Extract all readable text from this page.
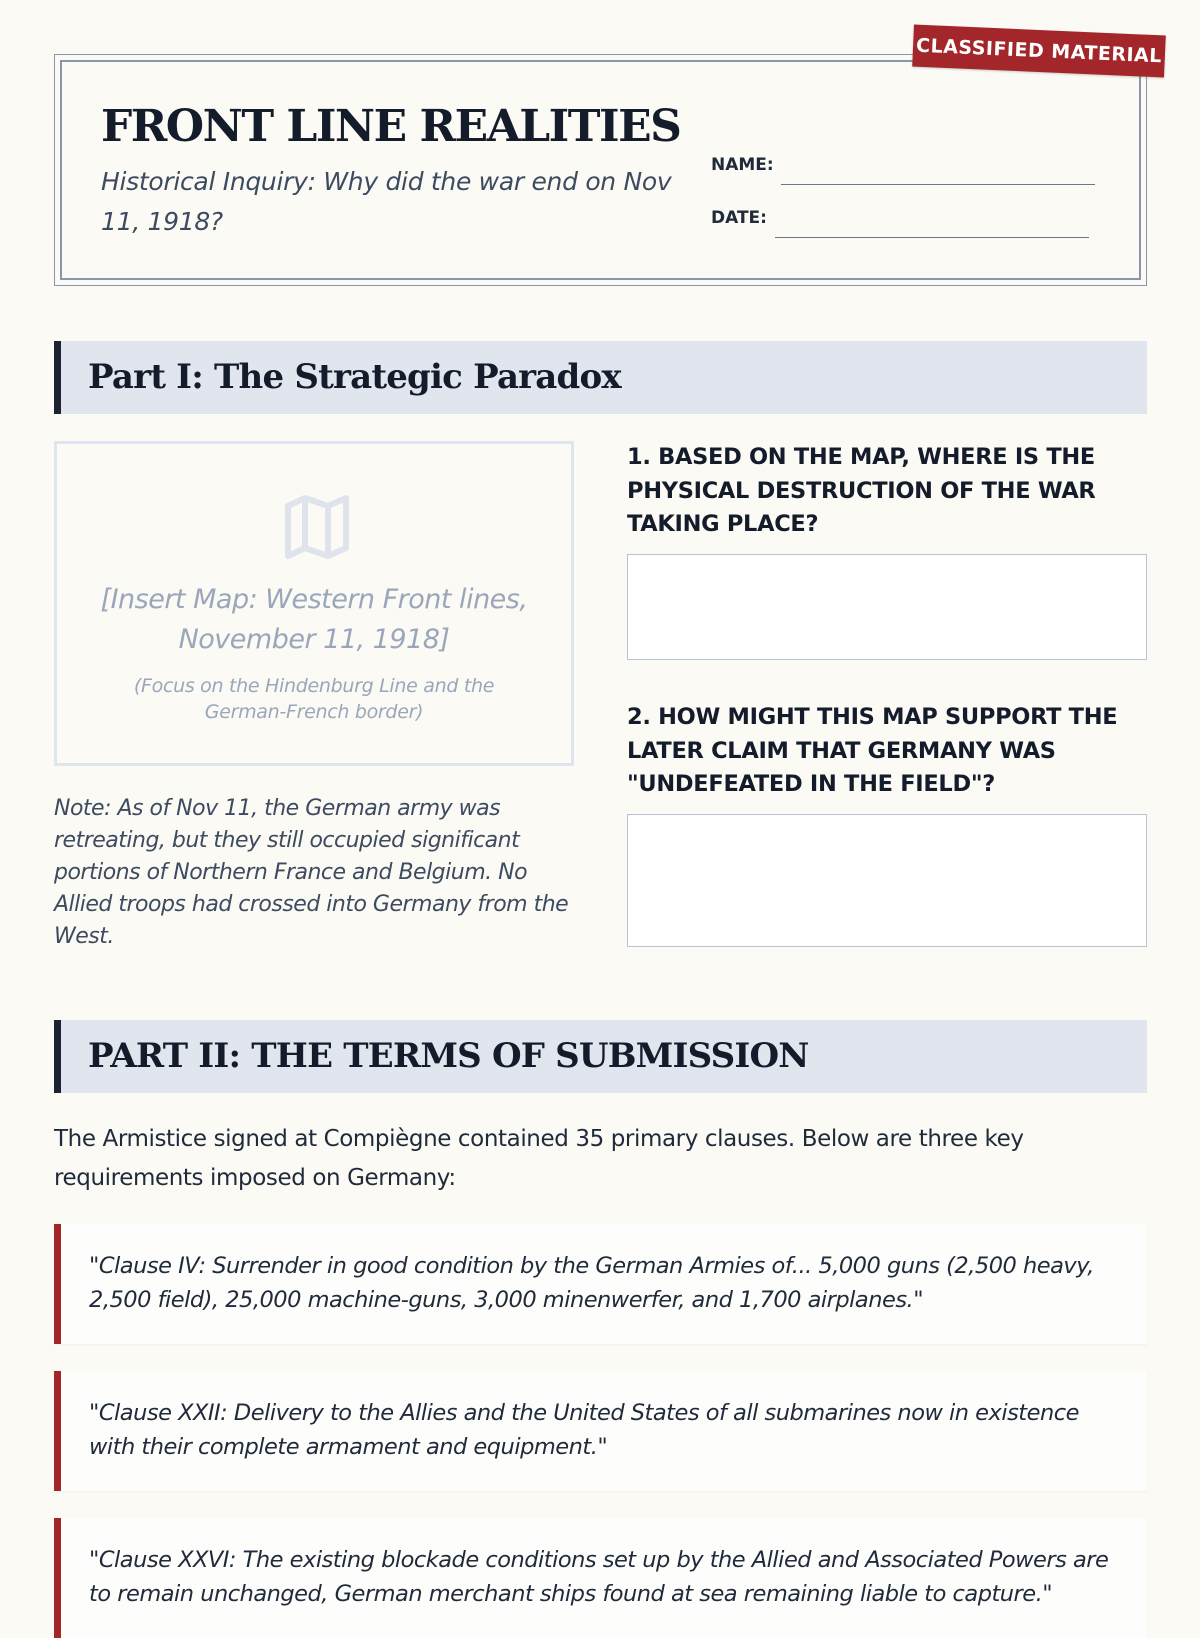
FRONT LINE REALITIES
Historical Inquiry: Why did the war end on Nov 11, 1918?
NAME:
DATE:
CLASSIFIED MATERIAL
Part I: The Strategic Paradox
[Insert Map: Western Front lines, November 11, 1918]
(Focus on the Hindenburg Line and the German-French border)
Note: As of Nov 11, the German army was retreating, but they still occupied significant portions of Northern France and Belgium. No Allied troops had crossed into Germany from the West.
1. BASED ON THE MAP, WHERE IS THE PHYSICAL DESTRUCTION OF THE WAR TAKING PLACE?
2. HOW MIGHT THIS MAP SUPPORT THE LATER CLAIM THAT GERMANY WAS "UNDEFEATED IN THE FIELD"?
PART II: THE TERMS OF SUBMISSION
The Armistice signed at Compiègne contained 35 primary clauses. Below are three key requirements imposed on Germany:

"Clause IV: Surrender in good condition by the German Armies of... 5,000 guns (2,500 heavy, 2,500 field), 25,000 machine-guns, 3,000 minenwerfer, and 1,700 airplanes."

"Clause XXII: Delivery to the Allies and the United States of all submarines now in existence with their complete armament and equipment."

"Clause XXVI: The existing blockade conditions set up by the Allied and Associated Powers are to remain unchanged, German merchant ships found at sea remaining liable to capture."
